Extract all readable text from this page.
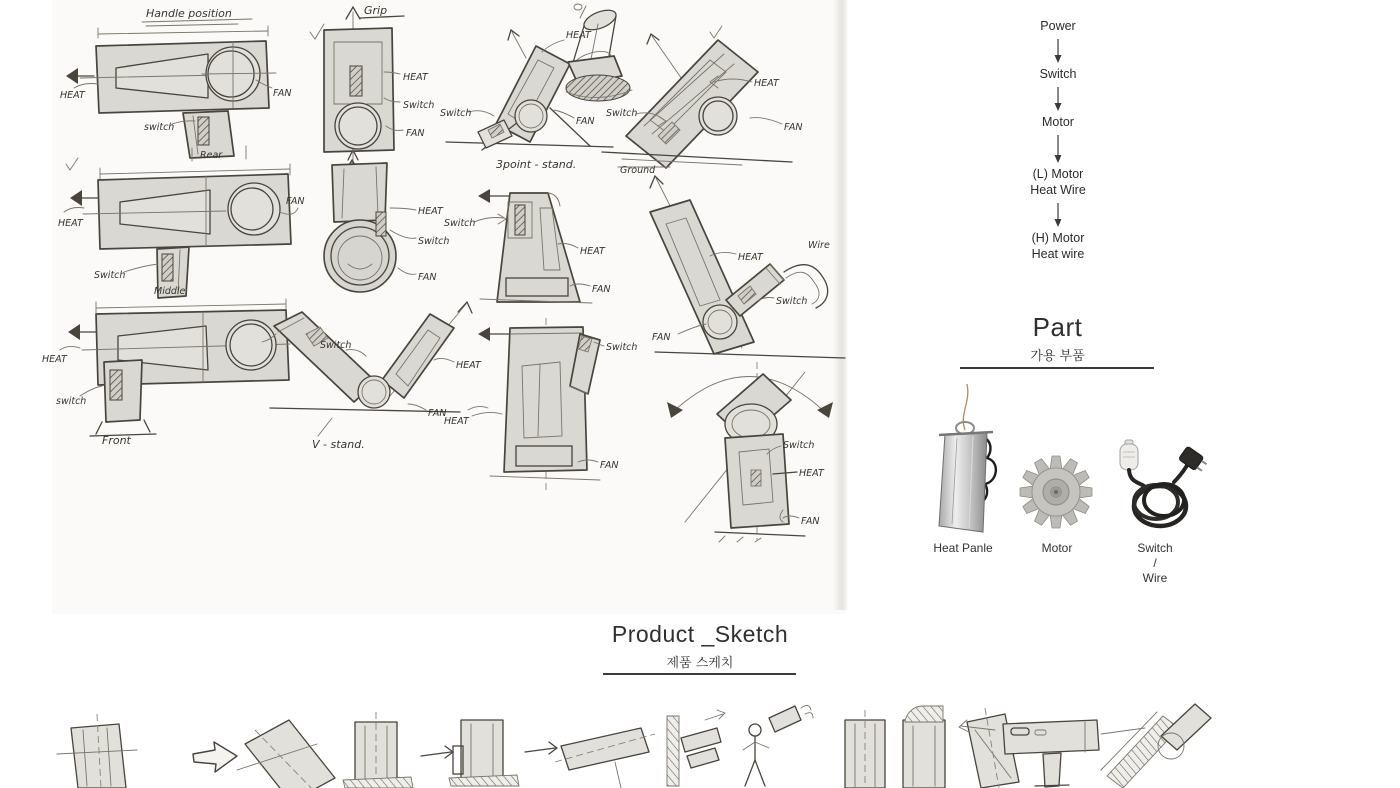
Handle position
HEAT	FAN
switch
Rear
Grip
HEAT
Switch
FAN
HEAT
Switch
FAN
3point - stand.	Ground
HEAT
FAN
Switch
FAN
Switch
Middle
HEAT
HEAT
Switch
FAN
Switch
HEAT
FAN
Wire
HEAT
Switch
FAN
switch
Front
HEAT
Switch
HEAT
FAN
V - stand.
Switch
HEAT
FAN
Switch
HEAT
FAN
Power
Switch
Motor
(L) Motor
Heat Wire
(H) Motor
Heat wire
Part
가용 부품
Heat Panle	Motor	Switch
/
Wire
Product _Sketch
제품 스케치
